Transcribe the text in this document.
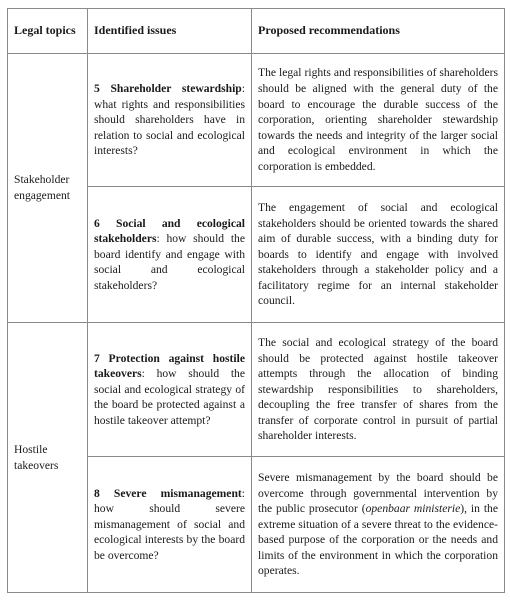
Legal topics	Identified issues	Proposed recommendations
Stakeholder engagement	5 Shareholder stewardship: what rights and responsibilities should shareholders have in relation to social and ecological interests?	The legal rights and responsibilities of shareholders should be aligned with the general duty of the board to encourage the durable success of the corporation, orienting shareholder stewardship towards the needs and integrity of the larger social and ecological environment in which the corporation is embedded.
	6 Social and ecological stakeholders: how should the board identify and engage with social and ecological stakeholders?	The engagement of social and ecological stakeholders should be oriented towards the shared aim of durable success, with a binding duty for boards to identify and engage with involved stakeholders through a stakeholder policy and a facilitatory regime for an internal stakeholder council.
Hostile takeovers	7 Protection against hostile takeovers: how should the social and ecological strategy of the board be protected against a hostile takeover attempt?	The social and ecological strategy of the board should be protected against hostile takeover attempts through the allocation of binding stewardship responsibilities to shareholders, decoupling the free transfer of shares from the transfer of corporate control in pursuit of partial shareholder interests.
	8 Severe mismanagement: how should severe mismanagement of social and ecological interests by the board be overcome?	Severe mismanagement by the board should be overcome through governmental intervention by the public prosecutor (openbaar ministerie), in the extreme situation of a severe threat to the evidence-based purpose of the corporation or the needs and limits of the environment in which the corporation operates.
